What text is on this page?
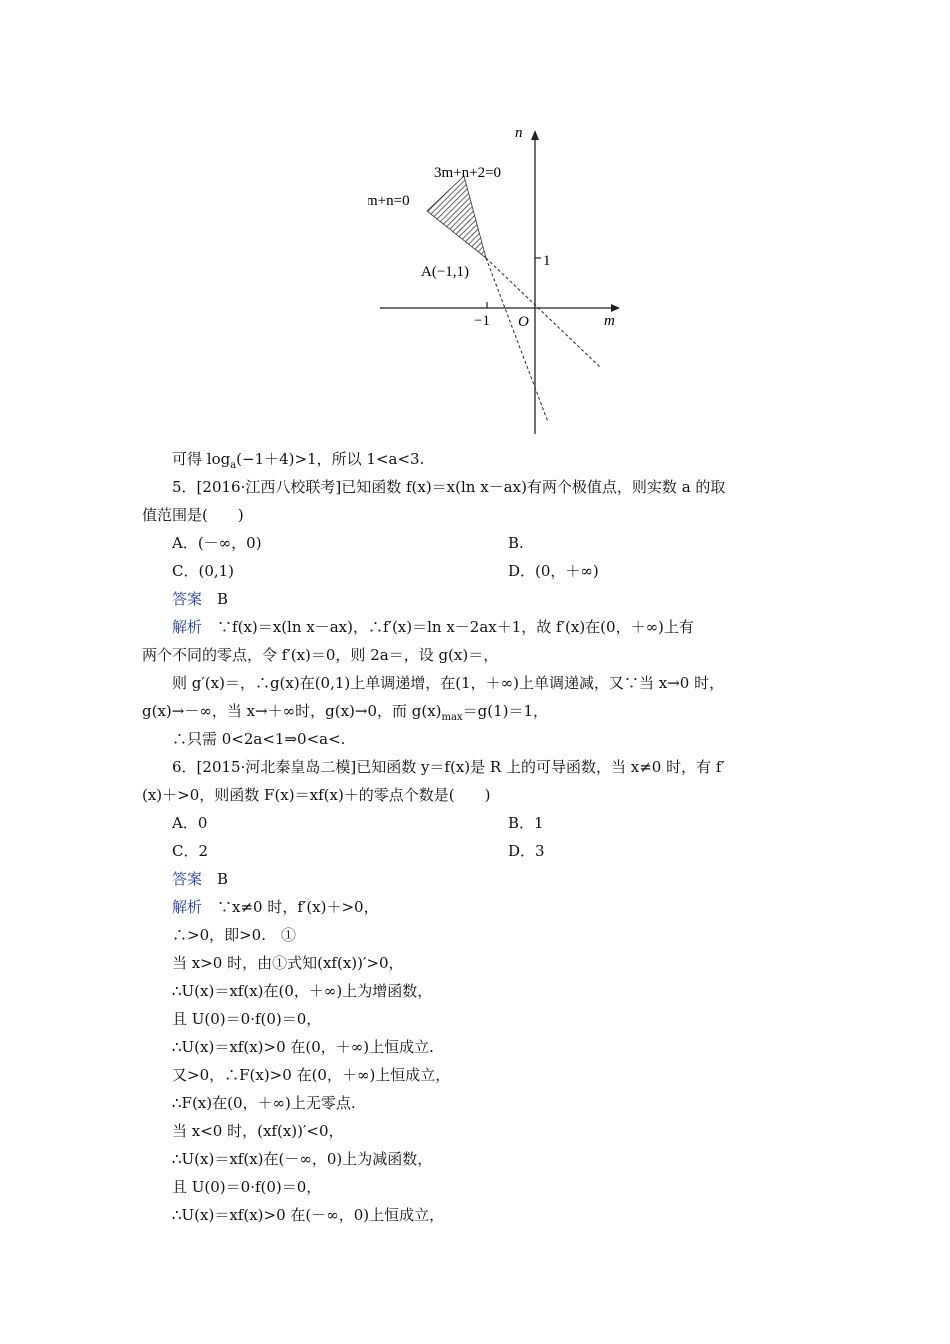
n
m
O
3m+n+2=0
m+n=0
A(−1,1)
−1
1
可得 $\log_a(-1+4)>1$，所以 1<a<3.
5．[2016·江西八校联考]已知函数 f(x)＝x(ln x－ax)有两个极值点，则实数 a 的取
值范围是(　　)
A．(－∞，0)	B.
C．(0,1)	D．(0，＋∞)
答案　B
解析　∵f(x)＝x(ln x－ax)，∴f′(x)＝ln x－2ax＋1，故 f′(x)在(0，＋∞)上有
两个不同的零点，令 f′(x)＝0，则 2a＝，设 g(x)＝，
则 g′(x)＝，∴g(x)在(0,1)上单调递增，在(1，＋∞)上单调递减，又∵当 x→0 时，
g(x)→－∞，当 x→＋∞时，g(x)→0，而 $g(x)_{max}=g(1)=1$，
∴只需 0<2a<1⇒0<a<.
6．[2015·河北秦皇岛二模]已知函数 y＝f(x)是 R 上的可导函数，当 x≠0 时，有 f′
(x)＋>0，则函数 F(x)＝xf(x)＋的零点个数是(　　)
A．0	B．1
C．2	D．3
答案　B
解析　∵x≠0 时，f′(x)＋>0，
∴>0，即>0.　①
当 x>0 时，由①式知(xf(x))′>0，
∴U(x)＝xf(x)在(0，＋∞)上为增函数，
且 U(0)＝0·f(0)＝0，
∴U(x)＝xf(x)>0 在(0，＋∞)上恒成立.
又>0，∴F(x)>0 在(0，＋∞)上恒成立，
∴F(x)在(0，＋∞)上无零点.
当 x<0 时，(xf(x))′<0，
∴U(x)＝xf(x)在(－∞，0)上为减函数，
且 U(0)＝0·f(0)＝0，
∴U(x)＝xf(x)>0 在(－∞，0)上恒成立，
